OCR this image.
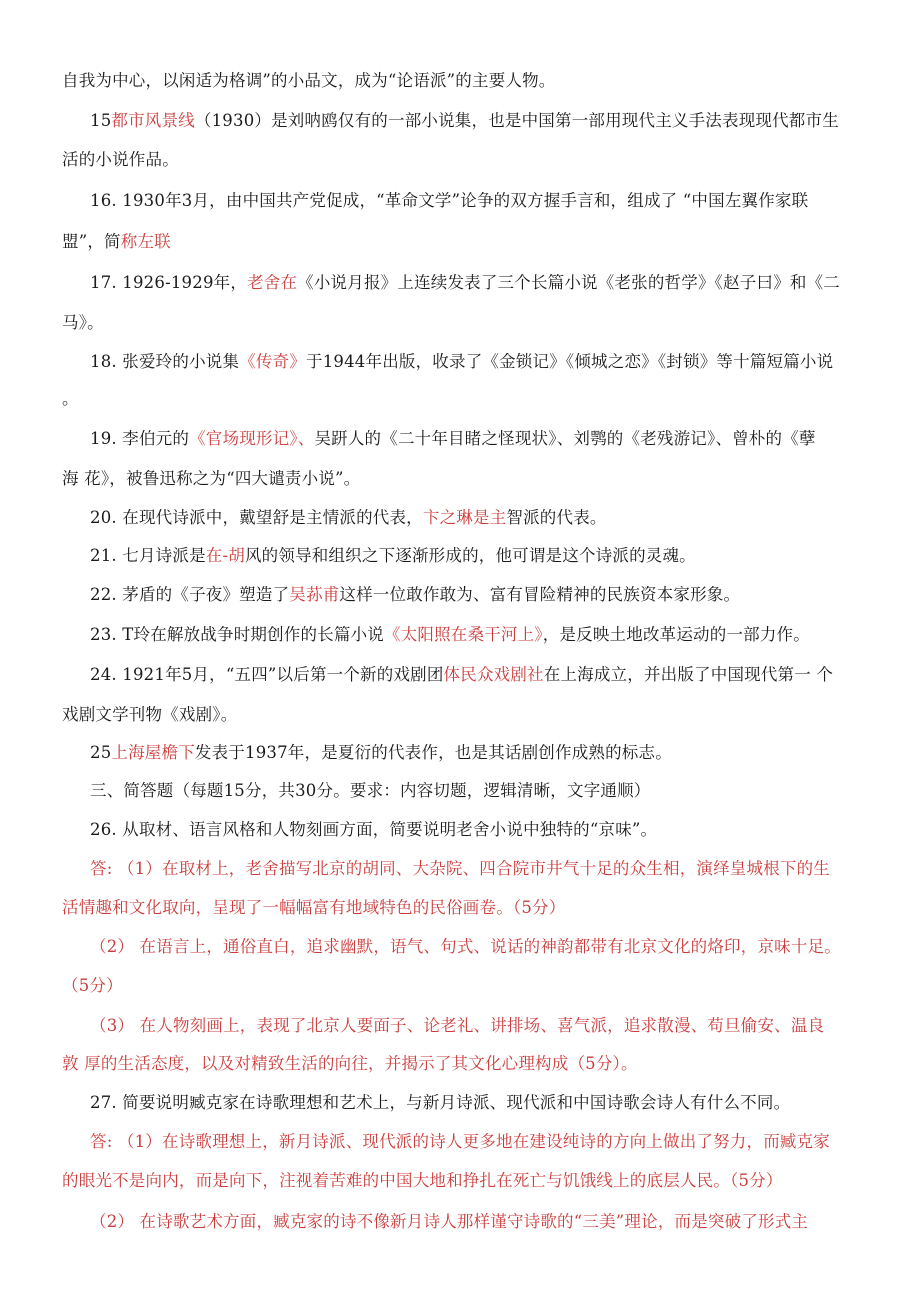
自我为中心，以闲适为格调”的小品文，成为“论语派”的主要人物。
15都市风景线（1930）是刘呐鸥仅有的一部小说集，也是中国第一部用现代主义手法表现现代都市生
活的小说作品。
16. 1930年3月，由中国共产党促成，“革命文学”论争的双方握手言和，组成了 “中国左翼作家联
盟”，简称左联
17. 1926-1929年，老舍在《小说月报》上连续发表了三个长篇小说《老张的哲学》《赵子曰》和《二
马》。
18. 张爱玲的小说集《传奇》于1944年出版，收录了《金锁记》《倾城之恋》《封锁》等十篇短篇小说
。
19. 李伯元的《官场现形记》、吴趼人的《二十年目睹之怪现状》、刘鹗的《老残游记》、曾朴的《孽
海 花》，被鲁迅称之为“四大谴责小说”。
20. 在现代诗派中，戴望舒是主情派的代表，卞之琳是主智派的代表。
21. 七月诗派是在-胡风的领导和组织之下逐渐形成的，他可谓是这个诗派的灵魂。
22. 茅盾的《子夜》塑造了吴荪甫这样一位敢作敢为、富有冒险精神的民族资本家形象。
23. T玲在解放战争时期创作的长篇小说《太阳照在桑干河上》，是反映土地改革运动的一部力作。
24. 1921年5月，“五四”以后第一个新的戏剧团体民众戏剧社在上海成立，并出版了中国现代第一 个
戏剧文学刊物《戏剧》。
25上海屋檐下发表于1937年，是夏衍的代表作，也是其话剧创作成熟的标志。
三、简答题（每题15分，共30分。要求：内容切题，逻辑清晰，文字通顺）
26. 从取材、语言风格和人物刻画方面，简要说明老舍小说中独特的“京味”。
答: （1）在取材上，老舍描写北京的胡同、大杂院、四合院市井气十足的众生相，演绎皇城根下的生
活情趣和文化取向，呈现了一幅幅富有地域特色的民俗画卷。（5分）
（2） 在语言上，通俗直白，追求幽默，语气、句式、说话的神韵都带有北京文化的烙印，京味十足。
（5分）
（3） 在人物刻画上，表现了北京人要面子、论老礼、讲排场、喜气派，追求散漫、苟旦偷安、温良
敦 厚的生活态度，以及对精致生活的向往，并揭示了其文化心理构成（5分）。
27. 简要说明臧克家在诗歌理想和艺术上，与新月诗派、现代派和中国诗歌会诗人有什么不同。
答: （1）在诗歌理想上，新月诗派、现代派的诗人更多地在建设纯诗的方向上做出了努力，而臧克家
的眼光不是向内，而是向下，注视着苦难的中国大地和挣扎在死亡与饥饿线上的底层人民。（5分）
（2） 在诗歌艺术方面，臧克家的诗不像新月诗人那样谨守诗歌的“三美”理论，而是突破了形式主
